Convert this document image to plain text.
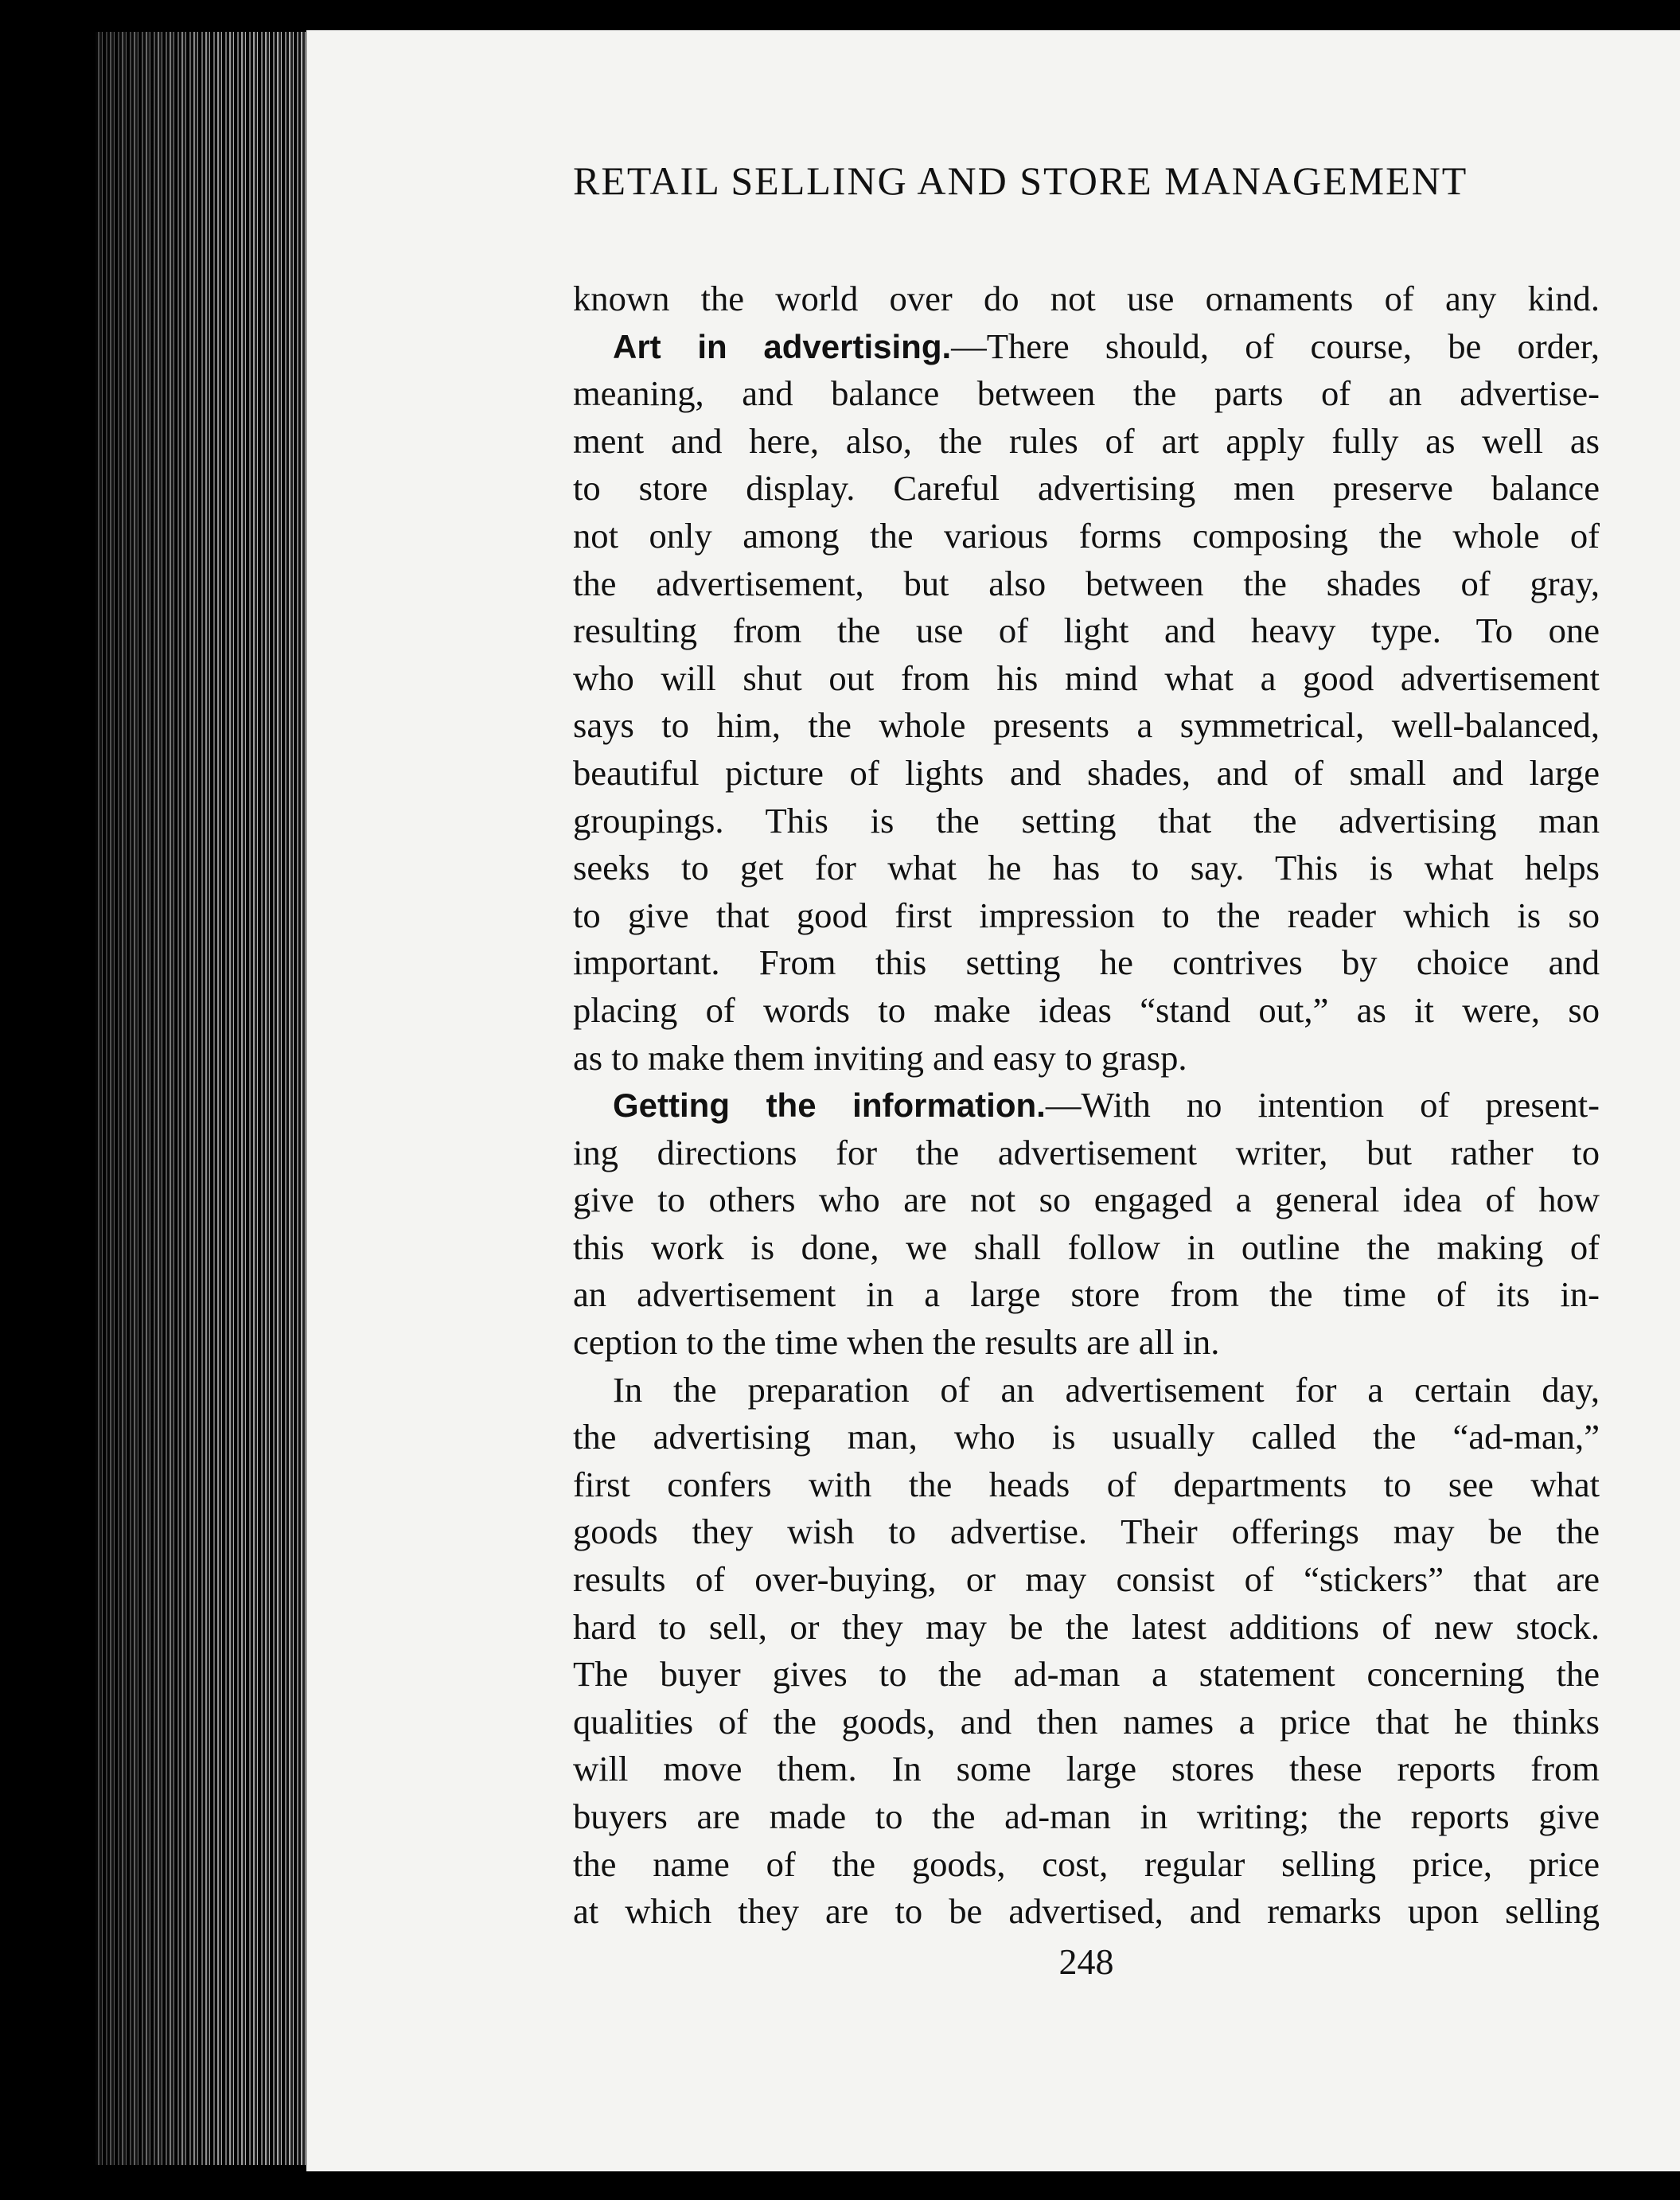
RETAIL SELLING AND STORE MANAGEMENT
known the world over do not use ornaments of any kind.
Art in advertising.—There should, of course, be order,
meaning, and balance between the parts of an advertise-
ment and here, also, the rules of art apply fully as well as
to store display. Careful advertising men preserve balance
not only among the various forms composing the whole of
the advertisement, but also between the shades of gray,
resulting from the use of light and heavy type. To one
who will shut out from his mind what a good advertisement
says to him, the whole presents a symmetrical, well-balanced,
beautiful picture of lights and shades, and of small and large
groupings. This is the setting that the advertising man
seeks to get for what he has to say. This is what helps
to give that good first impression to the reader which is so
important. From this setting he contrives by choice and
placing of words to make ideas “stand out,” as it were, so
as to make them inviting and easy to grasp.
Getting the information.—With no intention of present-
ing directions for the advertisement writer, but rather to
give to others who are not so engaged a general idea of how
this work is done, we shall follow in outline the making of
an advertisement in a large store from the time of its in-
ception to the time when the results are all in.
In the preparation of an advertisement for a certain day,
the advertising man, who is usually called the “ad-man,”
first confers with the heads of departments to see what
goods they wish to advertise. Their offerings may be the
results of over-buying, or may consist of “stickers” that are
hard to sell, or they may be the latest additions of new stock.
The buyer gives to the ad-man a statement concerning the
qualities of the goods, and then names a price that he thinks
will move them. In some large stores these reports from
buyers are made to the ad-man in writing; the reports give
the name of the goods, cost, regular selling price, price
at which they are to be advertised, and remarks upon selling
248
